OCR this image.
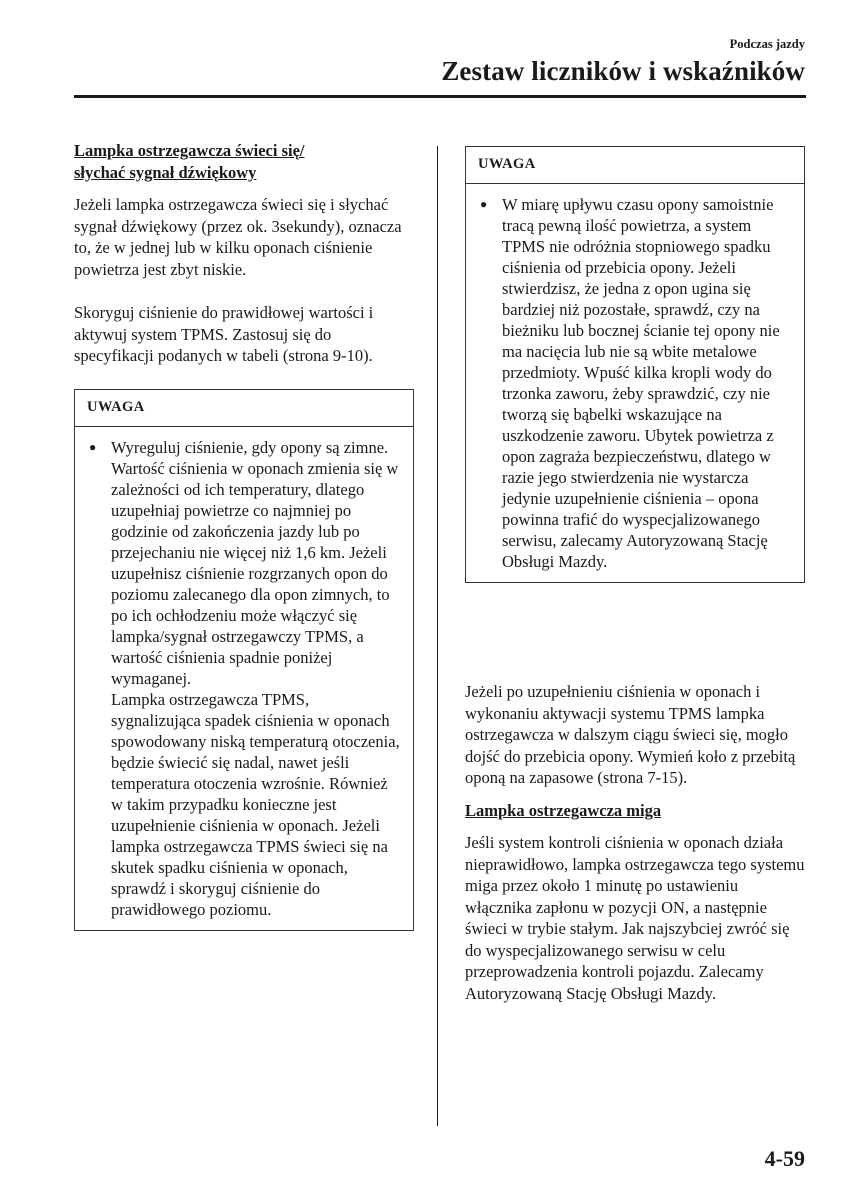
Podczas jazdy
Zestaw liczników i wskaźników

Lampka ostrzegawcza świeci się/
słychać sygnał dźwiękowy

Jeżeli lampka ostrzegawcza świeci się i słychać sygnał dźwiękowy (przez ok. 3sekundy), oznacza to, że w jednej lub w kilku oponach ciśnienie powietrza jest zbyt niskie.

Skoryguj ciśnienie do prawidłowej wartości i aktywuj system TPMS. Zastosuj się do specyfikacji podanych w tabeli (strona 9-10).

UWAGA
● Wyreguluj ciśnienie, gdy opony są zimne. Wartość ciśnienia w oponach zmienia się w zależności od ich temperatury, dlatego uzupełniaj powietrze co najmniej po godzinie od zakończenia jazdy lub po przejechaniu nie więcej niż 1,6 km. Jeżeli uzupełnisz ciśnienie rozgrzanych opon do poziomu zalecanego dla opon zimnych, to po ich ochłodzeniu może włączyć się lampka/sygnał ostrzegawczy TPMS, a wartość ciśnienia spadnie poniżej wymaganej.
Lampka ostrzegawcza TPMS, sygnalizująca spadek ciśnienia w oponach spowodowany niską temperaturą otoczenia, będzie świecić się nadal, nawet jeśli temperatura otoczenia wzrośnie. Również w takim przypadku konieczne jest uzupełnienie ciśnienia w oponach. Jeżeli lampka ostrzegawcza TPMS świeci się na skutek spadku ciśnienia w oponach, sprawdź i skoryguj ciśnienie do prawidłowego poziomu.
UWAGA
● W miarę upływu czasu opony samoistnie tracą pewną ilość powietrza, a system TPMS nie odróżnia stopniowego spadku ciśnienia od przebicia opony. Jeżeli stwierdzisz, że jedna z opon ugina się bardziej niż pozostałe, sprawdź, czy na bieżniku lub bocznej ścianie tej opony nie ma nacięcia lub nie są wbite metalowe przedmioty. Wpuść kilka kropli wody do trzonka zaworu, żeby sprawdzić, czy nie tworzą się bąbelki wskazujące na uszkodzenie zaworu. Ubytek powietrza z opon zagraża bezpieczeństwu, dlatego w razie jego stwierdzenia nie wystarcza jedynie uzupełnienie ciśnienia – opona powinna trafić do wyspecjalizowanego serwisu, zalecamy Autoryzowaną Stację Obsługi Mazdy.

Jeżeli po uzupełnieniu ciśnienia w oponach i wykonaniu aktywacji systemu TPMS lampka ostrzegawcza w dalszym ciągu świeci się, mogło dojść do przebicia opony. Wymień koło z przebitą oponą na zapasowe (strona 7-15).

Lampka ostrzegawcza miga

Jeśli system kontroli ciśnienia w oponach działa nieprawidłowo, lampka ostrzegawcza tego systemu miga przez około 1 minutę po ustawieniu włącznika zapłonu w pozycji ON, a następnie świeci w trybie stałym. Jak najszybciej zwróć się do wyspecjalizowanego serwisu w celu przeprowadzenia kontroli pojazdu. Zalecamy Autoryzowaną Stację Obsługi Mazdy.

4-59
